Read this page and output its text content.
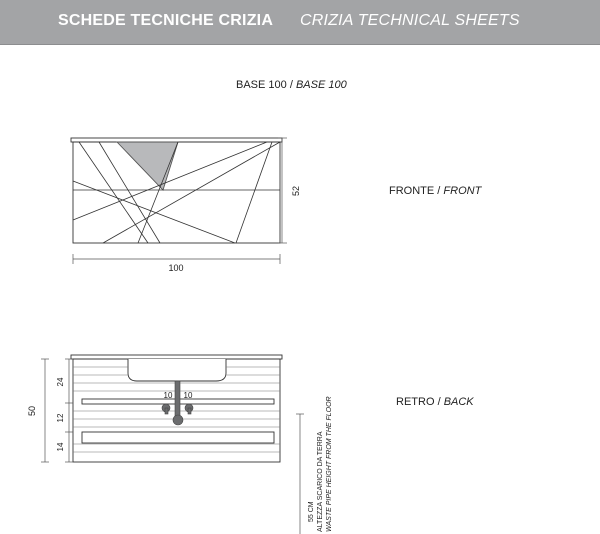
SCHEDE TECNICHE CRIZIA CRIZIA TECHNICAL SHEETS
BASE 100 / BASE 100
FRONTE / FRONT
RETRO / BACK
100
52
10 10
50
24
12
14
55 CM ALTEZZA SCARICO DA TERRA WASTE PIPE HEIGHT FROM THE FLOOR
